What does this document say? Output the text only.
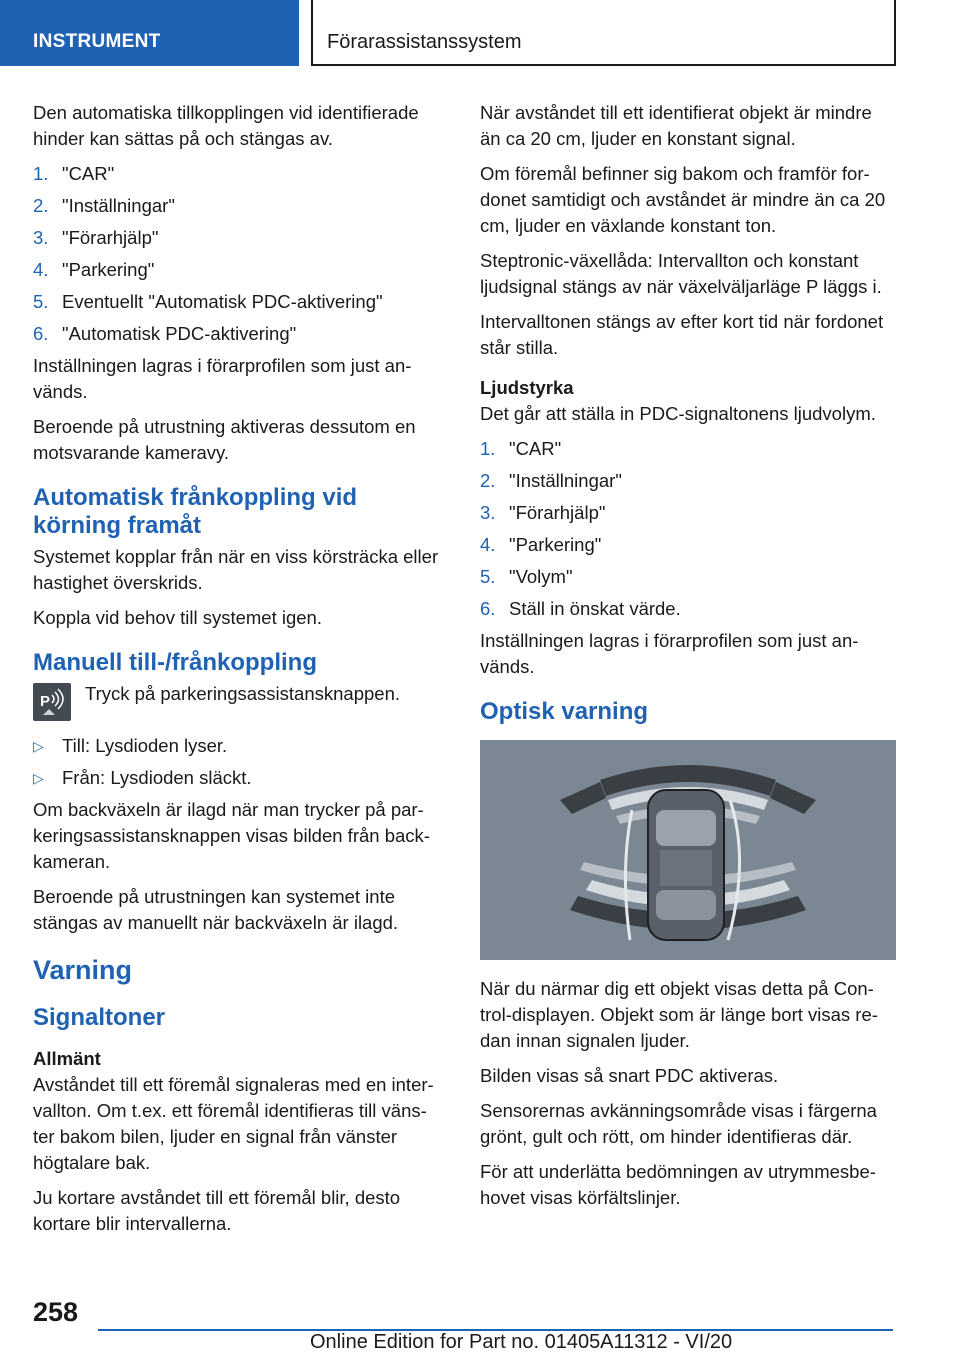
INSTRUMENT	Förarassistanssystem

Den automatiska tillkopplingen vid identifierade hinder kan sättas på och stängas av.

1. "CAR"
2. "Inställningar"
3. "Förarhjälp"
4. "Parkering"
5. Eventuellt "Automatisk PDC-aktivering"
6. "Automatisk PDC-aktivering"

Inställningen lagras i förarprofilen som just an- vänds.

Beroende på utrustning aktiveras dessutom en motsvarande kameravy.

Automatisk frånkoppling vid körning framåt

Systemet kopplar från när en viss körsträcka eller hastighet överskrids.

Koppla vid behov till systemet igen.

Manuell till-/frånkoppling
P Tryck på parkeringsassistansknappen.

▷ Till: Lysdioden lyser.
▷ Från: Lysdioden släckt.

Om backväxeln är ilagd när man trycker på par- keringsassistansknappen visas bilden från back- kameran.

Beroende på utrustningen kan systemet inte stängas av manuellt när backväxeln är ilagd.

Varning
Signaltoner
Allmänt

Avståndet till ett föremål signaleras med en inter- vallton. Om t.ex. ett föremål identifieras till väns- ter bakom bilen, ljuder en signal från vänster högtalare bak.

Ju kortare avståndet till ett föremål blir, desto kortare blir intervallerna.

När avståndet till ett identifierat objekt är mindre än ca 20 cm, ljuder en konstant signal.

Om föremål befinner sig bakom och framför for- donet samtidigt och avståndet är mindre än ca 20 cm, ljuder en växlande konstant ton.

Steptronic-växellåda: Intervallton och konstant ljudsignal stängs av när växelväljarläge P läggs i.

Intervalltonen stängs av efter kort tid när fordonet står stilla.

Ljudstyrka

Det går att ställa in PDC-signaltonens ljudvolym.

1. "CAR"
2. "Inställningar"
3. "Förarhjälp"
4. "Parkering"
5. "Volym"
6. Ställ in önskat värde.

Inställningen lagras i förarprofilen som just an- vänds.

Optisk varning

När du närmar dig ett objekt visas detta på Con- trol-displayen. Objekt som är länge bort visas re- dan innan signalen ljuder.

Bilden visas så snart PDC aktiveras.

Sensorernas avkänningsområde visas i färgerna grönt, gult och rött, om hinder identifieras där.

För att underlätta bedömningen av utrymmesbe- hovet visas körfältslinjer.

258
Online Edition for Part no. 01405A11312 - VI/20
